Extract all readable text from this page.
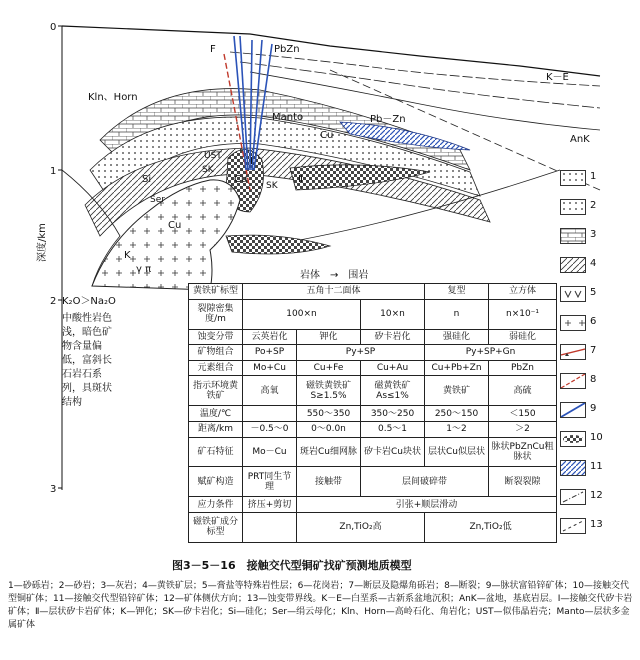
0
1
2
3
深度/km
F	PbZn
K－E
Kln、Horn
Manto	Pb－Zn
Cu	AnK
UST
SK
Ⅰ
Ⅱ
SK
Si	Cu
Ser
Cu
K
γ π
K₂O＞Na₂O
中酸性岩色浅，暗色矿物含量偏低，富斜长石岩石系列，具斑状结构
岩体　→　围岩
黄铁矿标型	五角十二面体			复型	立方体
裂隙密集度/m	100×n		10×n	n	n×10⁻¹
蚀变分带	云英岩化	钾化	矽卡岩化	强硅化	弱硅化
矿物组合	Po+SP	Py+SP		Py+SP+Gn	
元素组合	Mo+Cu	Cu+Fe	Cu+Au	Cu+Pb+Zn	PbZn
指示环境黄铁矿	高氧	磁铁黄铁矿S≥1.5%	磁黄铁矿As≤1%	黄铁矿	高硫
温度/℃		550～350	350～250	250～150	＜150
距离/km	－0.5～0	0～0.0n	0.5～1	1～2	＞2
矿石特征	Mo－Cu	斑岩Cu细网脉	矽卡岩Cu块状	层状Cu似层状	脉状PbZnCu粗脉状
赋矿构造	PRT同生节理	接触带	层间破碎带		断裂裂隙
应力条件	挤压+剪切	引张+顺层滑动			
磁铁矿成分标型		Zn,TiO₂高		Zn,TiO₂低	
1
2
3
4
5
6
7
8
9
10
11
12
13
图3－5－16　接触交代型铜矿找矿预测地质模型
1—砂砾岩；2—砂岩；3—灰岩；4—黄铁矿层；5—膏盐等特殊岩性层；6—花岗岩；7—断层及隐爆角砾岩；8—断裂；9—脉状富铅锌矿体；10—接触交代型铜矿体；11—接触交代型铅锌矿体；12—矿体侧伏方向；13—蚀变带界线。K－E—白垩系—古新系盆地沉积；AnK—盆地，基底岩层。Ⅰ—接触交代矽卡岩矿体；Ⅱ—层状矽卡岩矿体；K—钾化；SK—矽卡岩化；Si—硅化；Ser—绢云母化；Kln、Horn—高岭石化、角岩化；UST—似伟晶岩壳；Manto—层状多金属矿体
